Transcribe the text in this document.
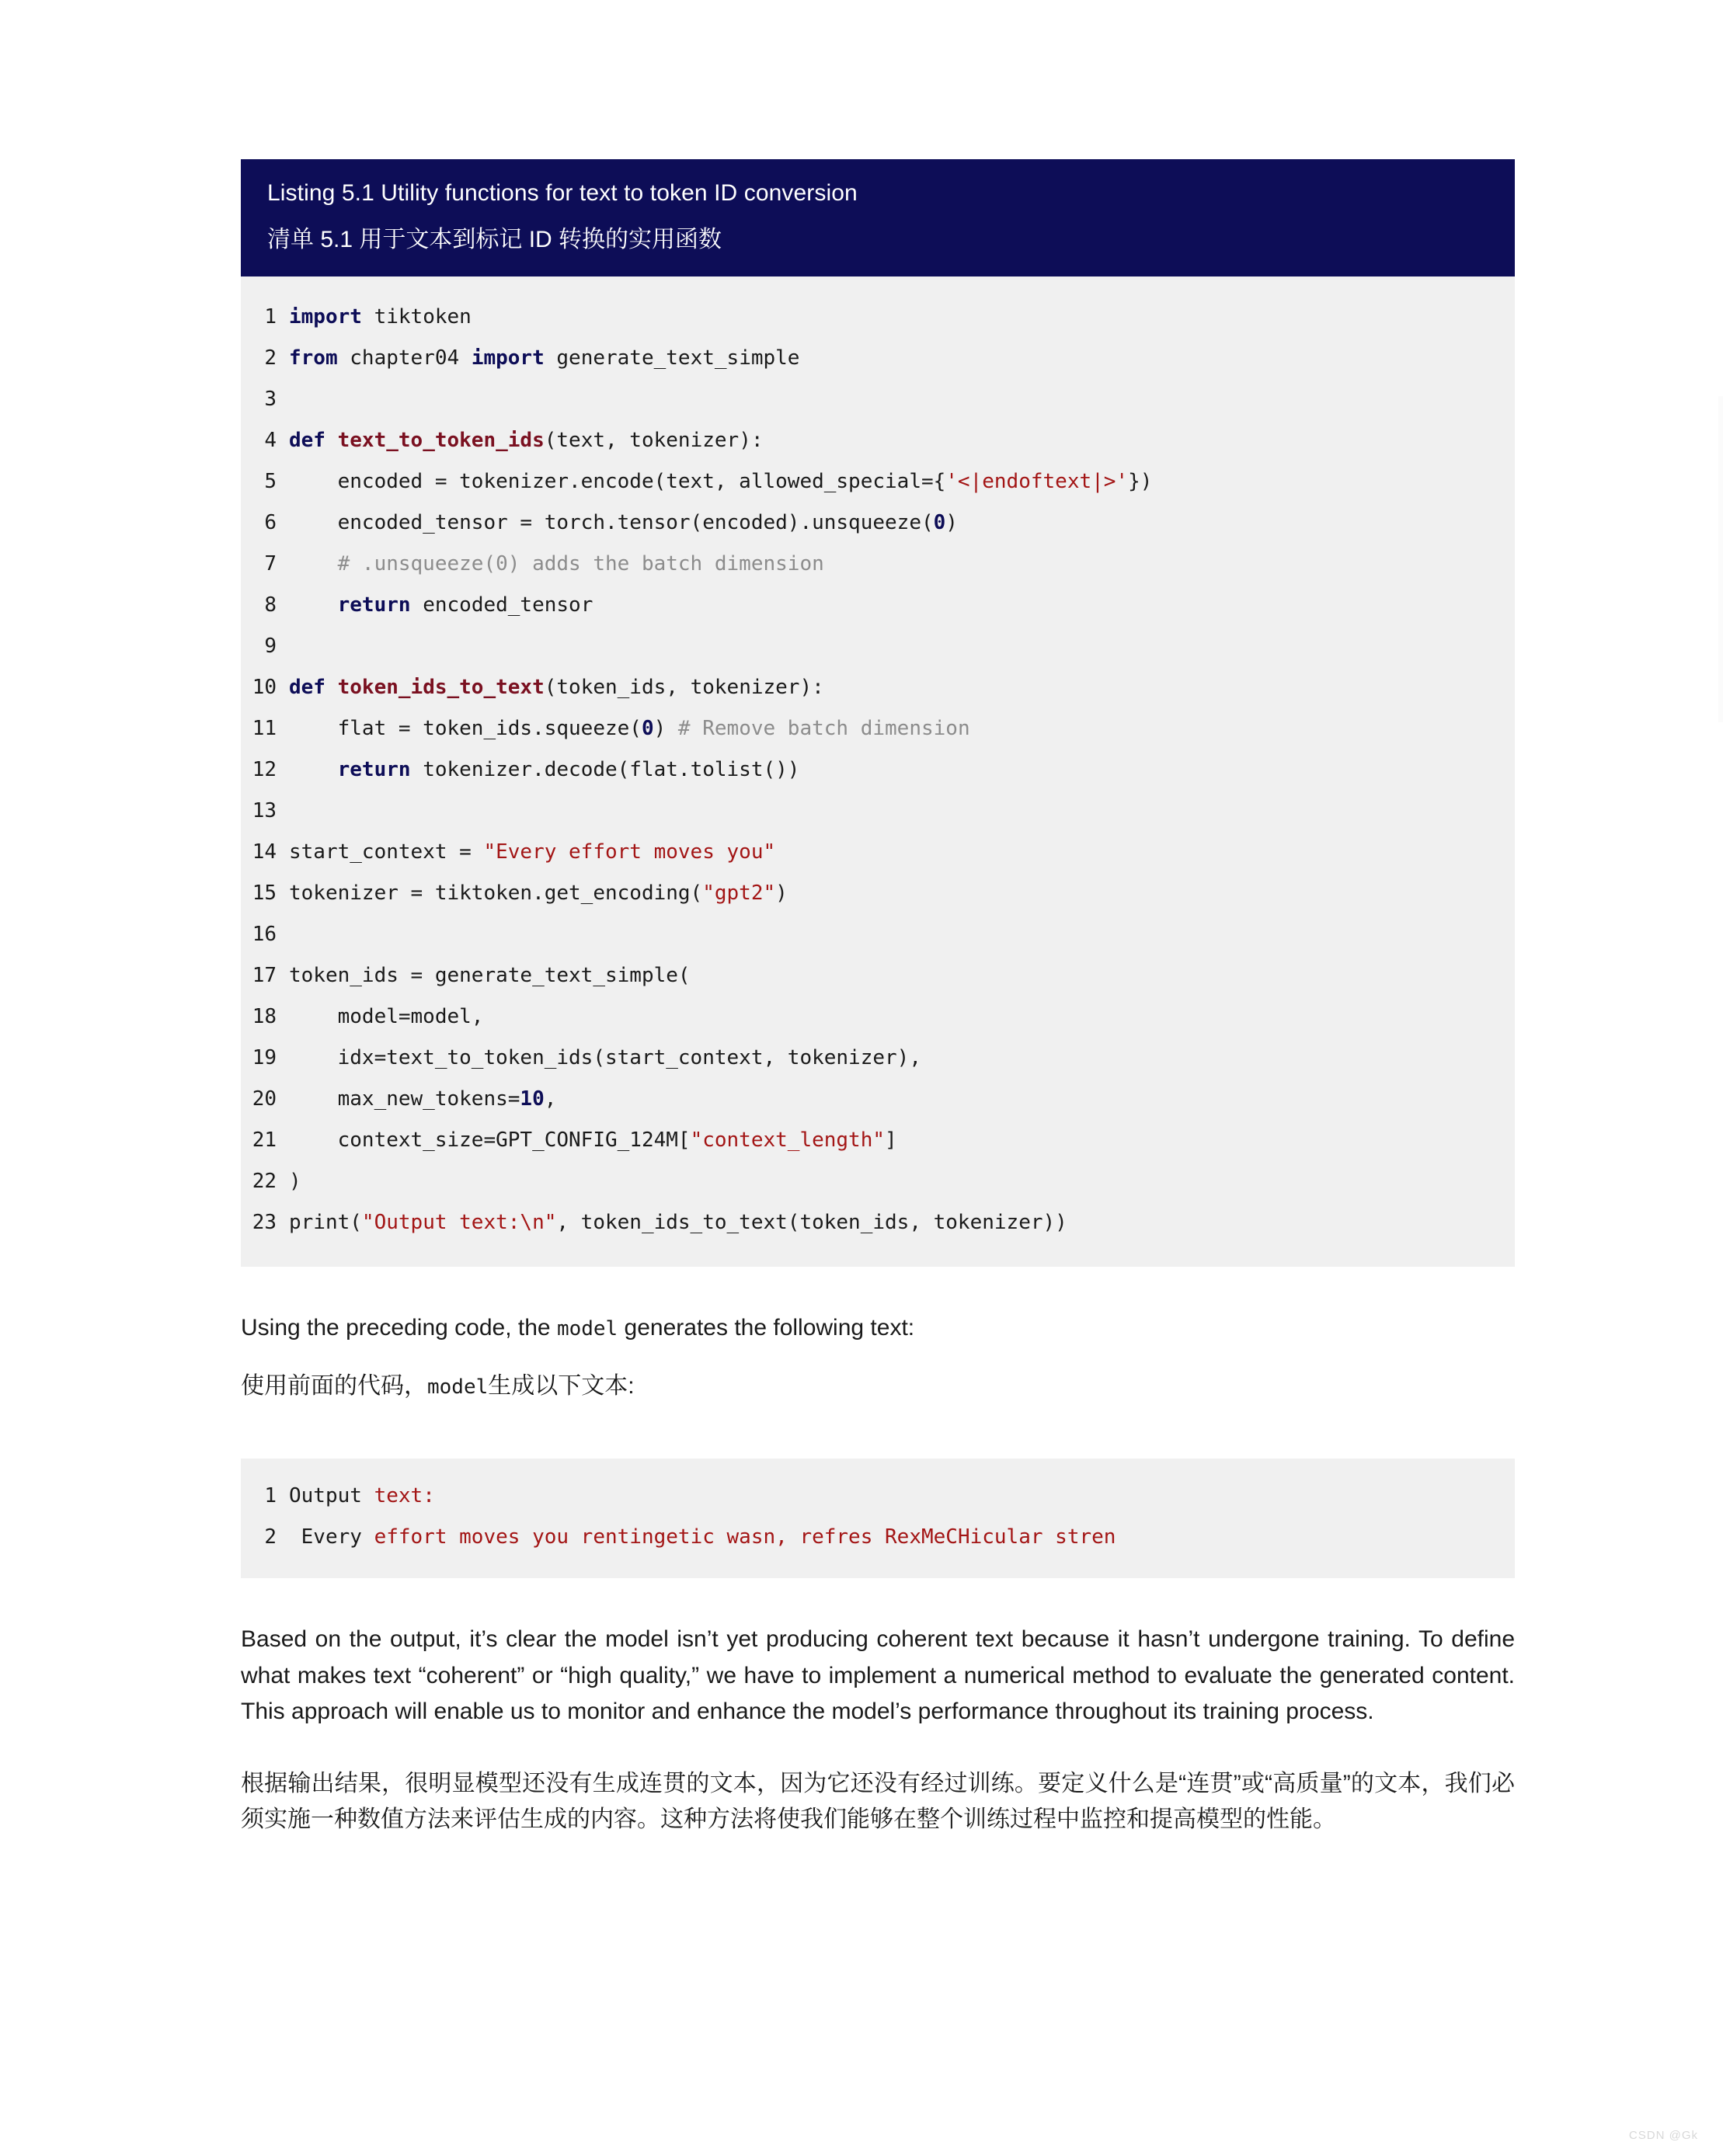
Listing 5.1 Utility functions for text to token ID conversion
清单 5.1 用于文本到标记 ID 转换的实用函数
1 import tiktoken
2 from chapter04 import generate_text_simple
3

4 def text_to_token_ids(text, tokenizer):
5 encoded = tokenizer.encode(text, allowed_special={'<|endoftext|>'})
6 encoded_tensor = torch.tensor(encoded).unsqueeze(0)
7 # .unsqueeze(0) adds the batch dimension
8	return encoded_tensor
9

10 def token_ids_to_text(token_ids, tokenizer):
11 flat = token_ids.squeeze(0) # Remove batch dimension
12	return tokenizer.decode(flat.tolist())
13

14 start_context = "Every effort moves you"
15 tokenizer = tiktoken.get_encoding("gpt2")
16

17 token_ids = generate_text_simple(
18 model=model,
19 idx=text_to_token_ids(start_context, tokenizer),
20 max_new_tokens=10,
21 context_size=GPT_CONFIG_124M["context_length"]
22 )
23 print("Output text:\n", token_ids_to_text(token_ids, tokenizer))

Using the preceding code, the model generates the following text:

使用前面的代码，model生成以下文本:

1 Output text:
2 Every effort moves you rentingetic wasn‚ refres RexMeCHicular stren

Based on the output, it’s clear the model isn’t yet producing coherent text because it hasn’t undergone training. To define what makes text “coherent” or “high quality,” we have to implement a numerical method to evaluate the generated content. This approach will enable us to monitor and enhance the model’s performance throughout its training process.

根据输出结果，很明显模型还没有生成连贯的文本，因为它还没有经过训练。要定义什么是“连贯”或“高质量”的文本，我们必须实施一种数值方法来评估生成的内容。这种方法将使我们能够在整个训练过程中监控和提高模型的性能。

CSDN @Gk
